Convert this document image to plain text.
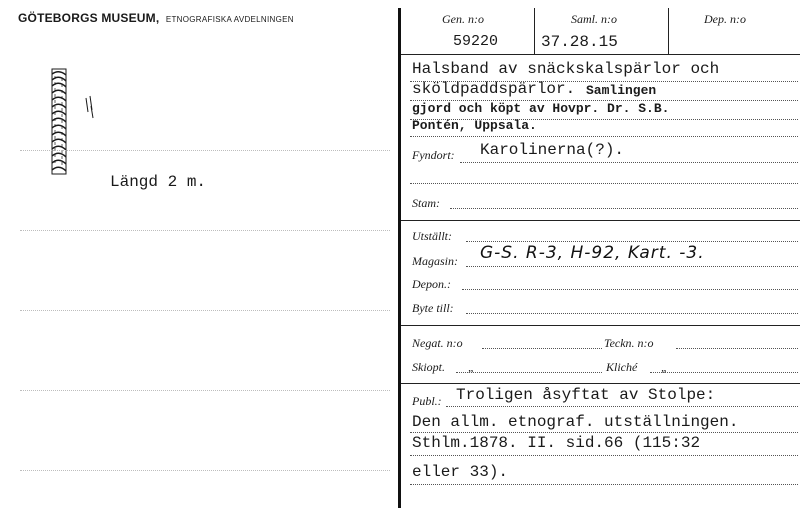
GÖTEBORGS MUSEUM, ETNOGRAFISKA AVDELNINGEN
Längd 2 m.
Gen. n:o
59220
Saml. n:o
37.28.15
Dep. n:o
Halsband av snäckskalspärlor och
sköldpaddspärlor. Samlingen
gjord och köpt av Hovpr. Dr. S.B.
Pontén, Uppsala.
Fyndort: Karolinerna(?).
Stam:
Utställt:
Magasin: G-S. R-3, H-92, Kart. -3.
Depon.:
Byte till:
Negat. n:o	Teckn. n:o
Skiopt. „	Kliché „
Publ.: Troligen åsyftat av Stolpe:
Den allm. etnograf. utställningen.
Sthlm.1878. II. sid.66 (115:32
eller 33).
